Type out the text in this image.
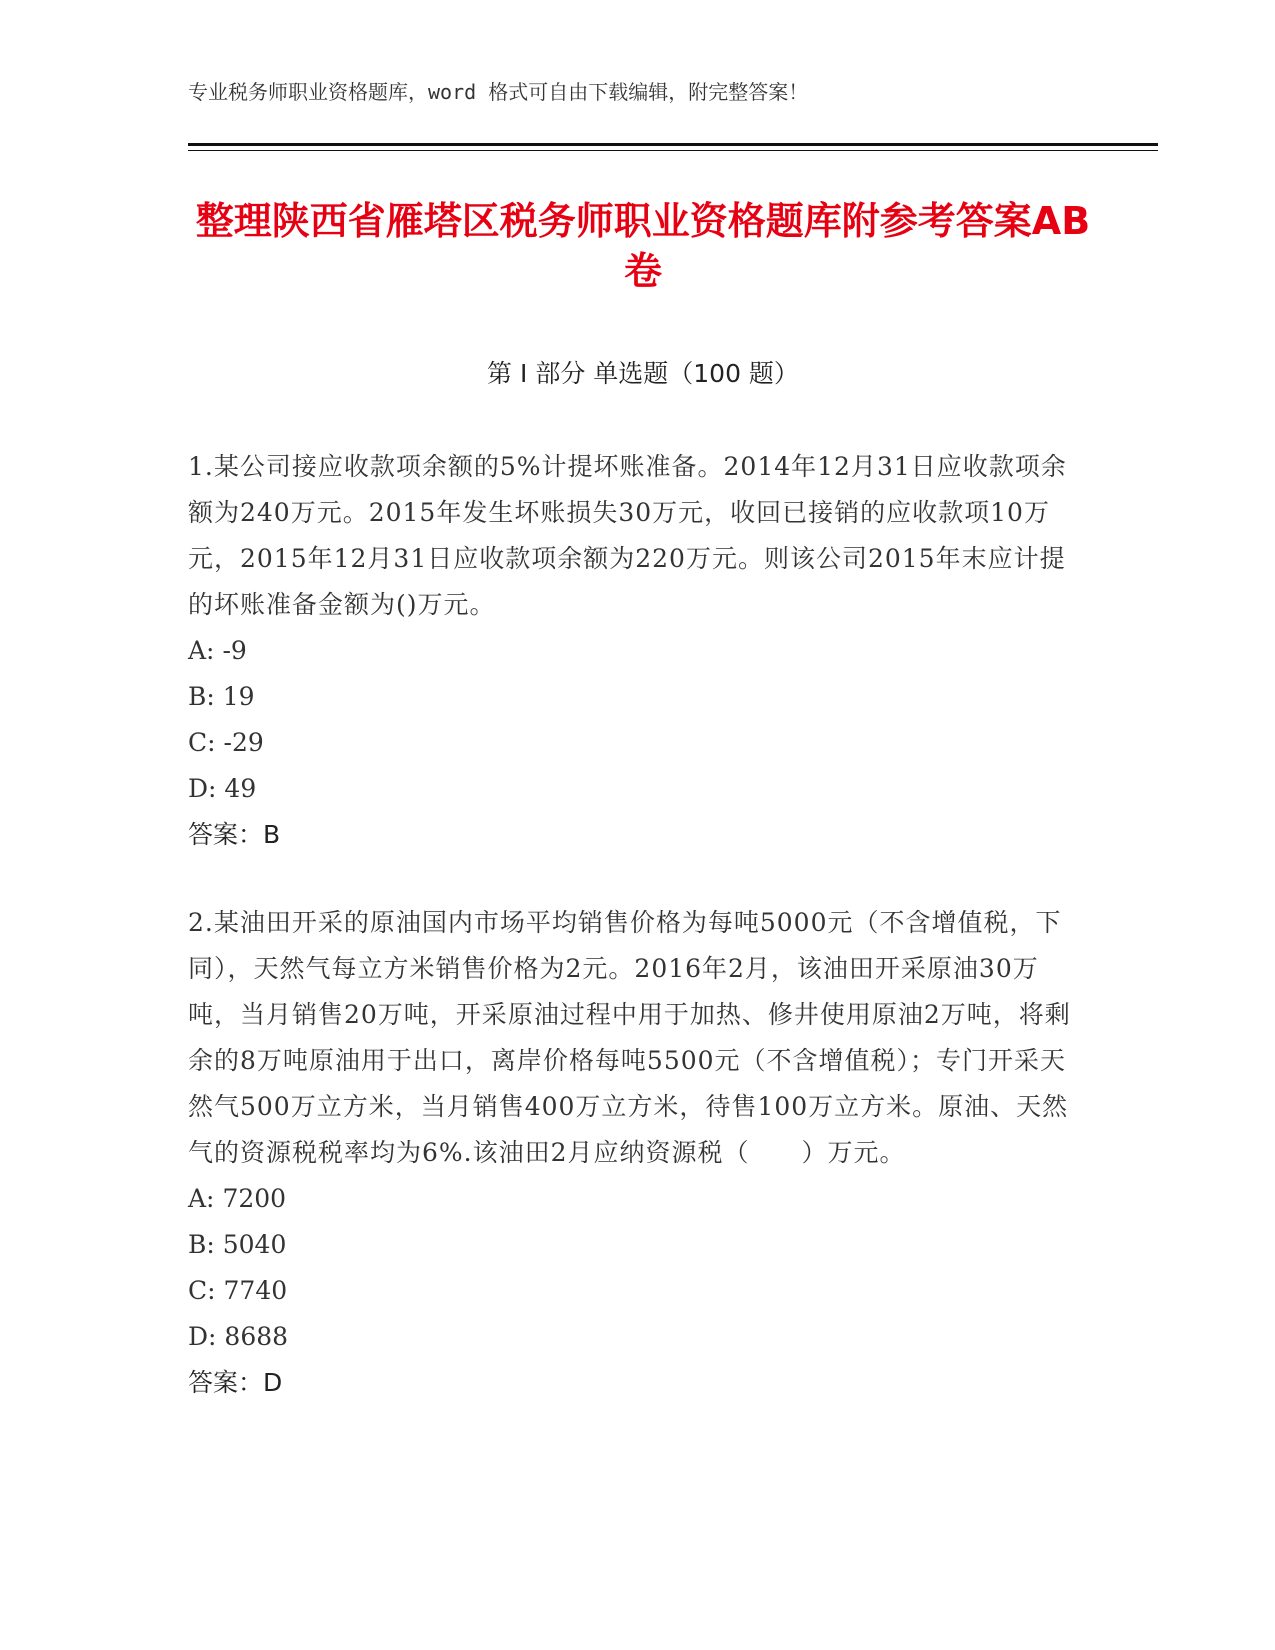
专业税务师职业资格题库，word 格式可自由下载编辑，附完整答案！
整理陕西省雁塔区税务师职业资格题库附参考答案AB卷
第 I 部分 单选题（100 题）
1.某公司接应收款项余额的5%计提坏账准备。2014年12月31日应收款项余额为240万元。2015年发生坏账损失30万元，收回已接销的应收款项10万元，2015年12月31日应收款项余额为220万元。则该公司2015年末应计提的坏账准备金额为()万元。
A: -9
B: 19
C: -29
D: 49
答案：B
2.某油田开采的原油国内市场平均销售价格为每吨5000元（不含增值税，下同），天然气每立方米销售价格为2元。2016年2月，该油田开采原油30万吨，当月销售20万吨，开采原油过程中用于加热、修井使用原油2万吨，将剩余的8万吨原油用于出口，离岸价格每吨5500元（不含增值税）；专门开采天然气500万立方米，当月销售400万立方米，待售100万立方米。原油、天然气的资源税税率均为6%.该油田2月应纳资源税（　　）万元。
A: 7200
B: 5040
C: 7740
D: 8688
答案：D
